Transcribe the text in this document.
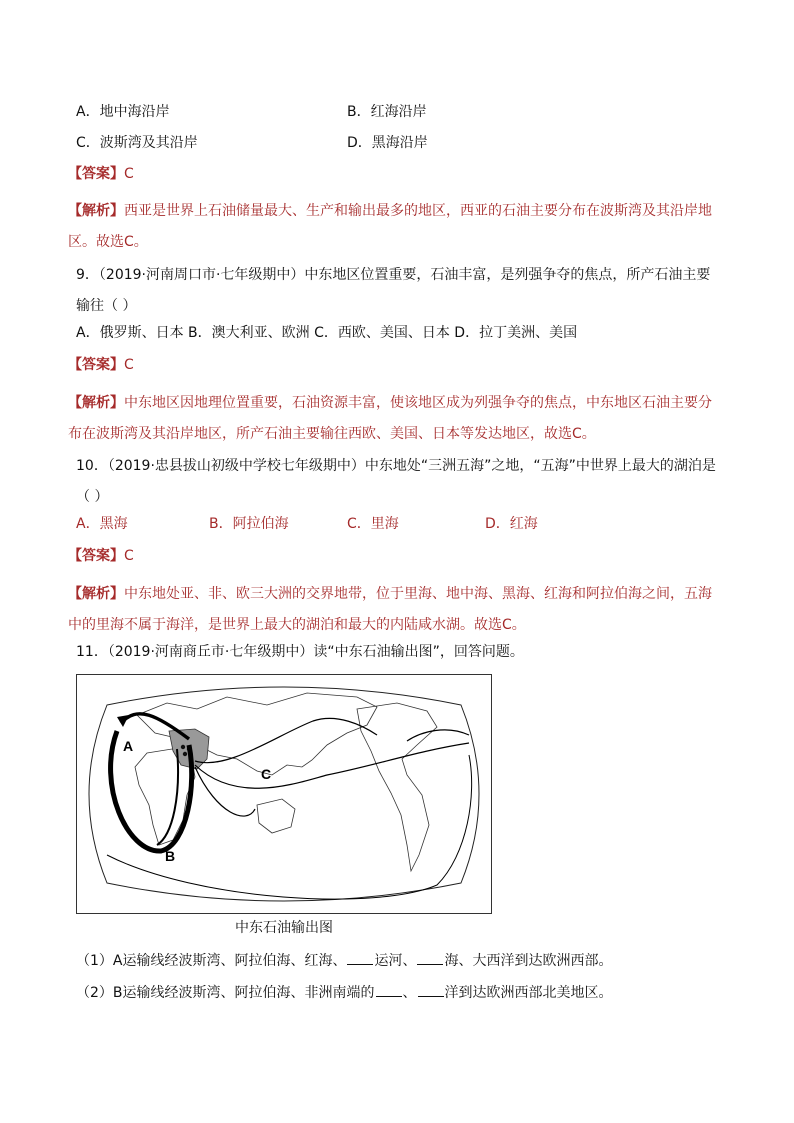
A．地中海沿岸	B．红海沿岸
C．波斯湾及其沿岸	D．黑海沿岸
【答案】C
【解析】西亚是世界上石油储量最大、生产和输出最多的地区，西亚的石油主要分布在波斯湾及其沿岸地区。故选C。
9．（2019·河南周口市·七年级期中）中东地区位置重要，石油丰富，是列强争夺的焦点，所产石油主要输往（ ）
A．俄罗斯、日本 B．澳大利亚、欧洲 C．西欧、美国、日本 D．拉丁美洲、美国
【答案】C
【解析】中东地区因地理位置重要，石油资源丰富，使该地区成为列强争夺的焦点，中东地区石油主要分布在波斯湾及其沿岸地区，所产石油主要输往西欧、美国、日本等发达地区，故选C。
10．（2019·忠县拔山初级中学校七年级期中）中东地处“三洲五海”之地，“五海”中世界上最大的湖泊是（ ）
A．黑海	B．阿拉伯海	C．里海	D．红海
【答案】C
【解析】中东地处亚、非、欧三大洲的交界地带，位于里海、地中海、黑海、红海和阿拉伯海之间，五海中的里海不属于海洋，是世界上最大的湖泊和最大的内陆咸水湖。故选C。
11．（2019·河南商丘市·七年级期中）读“中东石油输出图”，回答问题。
A
B
C
中东石油输出图
（1）A运输线经波斯湾、阿拉伯海、红海、 运河、 海、大西洋到达欧洲西部。
（2）B运输线经波斯湾、阿拉伯海、非洲南端的 、 洋到达欧洲西部北美地区。
